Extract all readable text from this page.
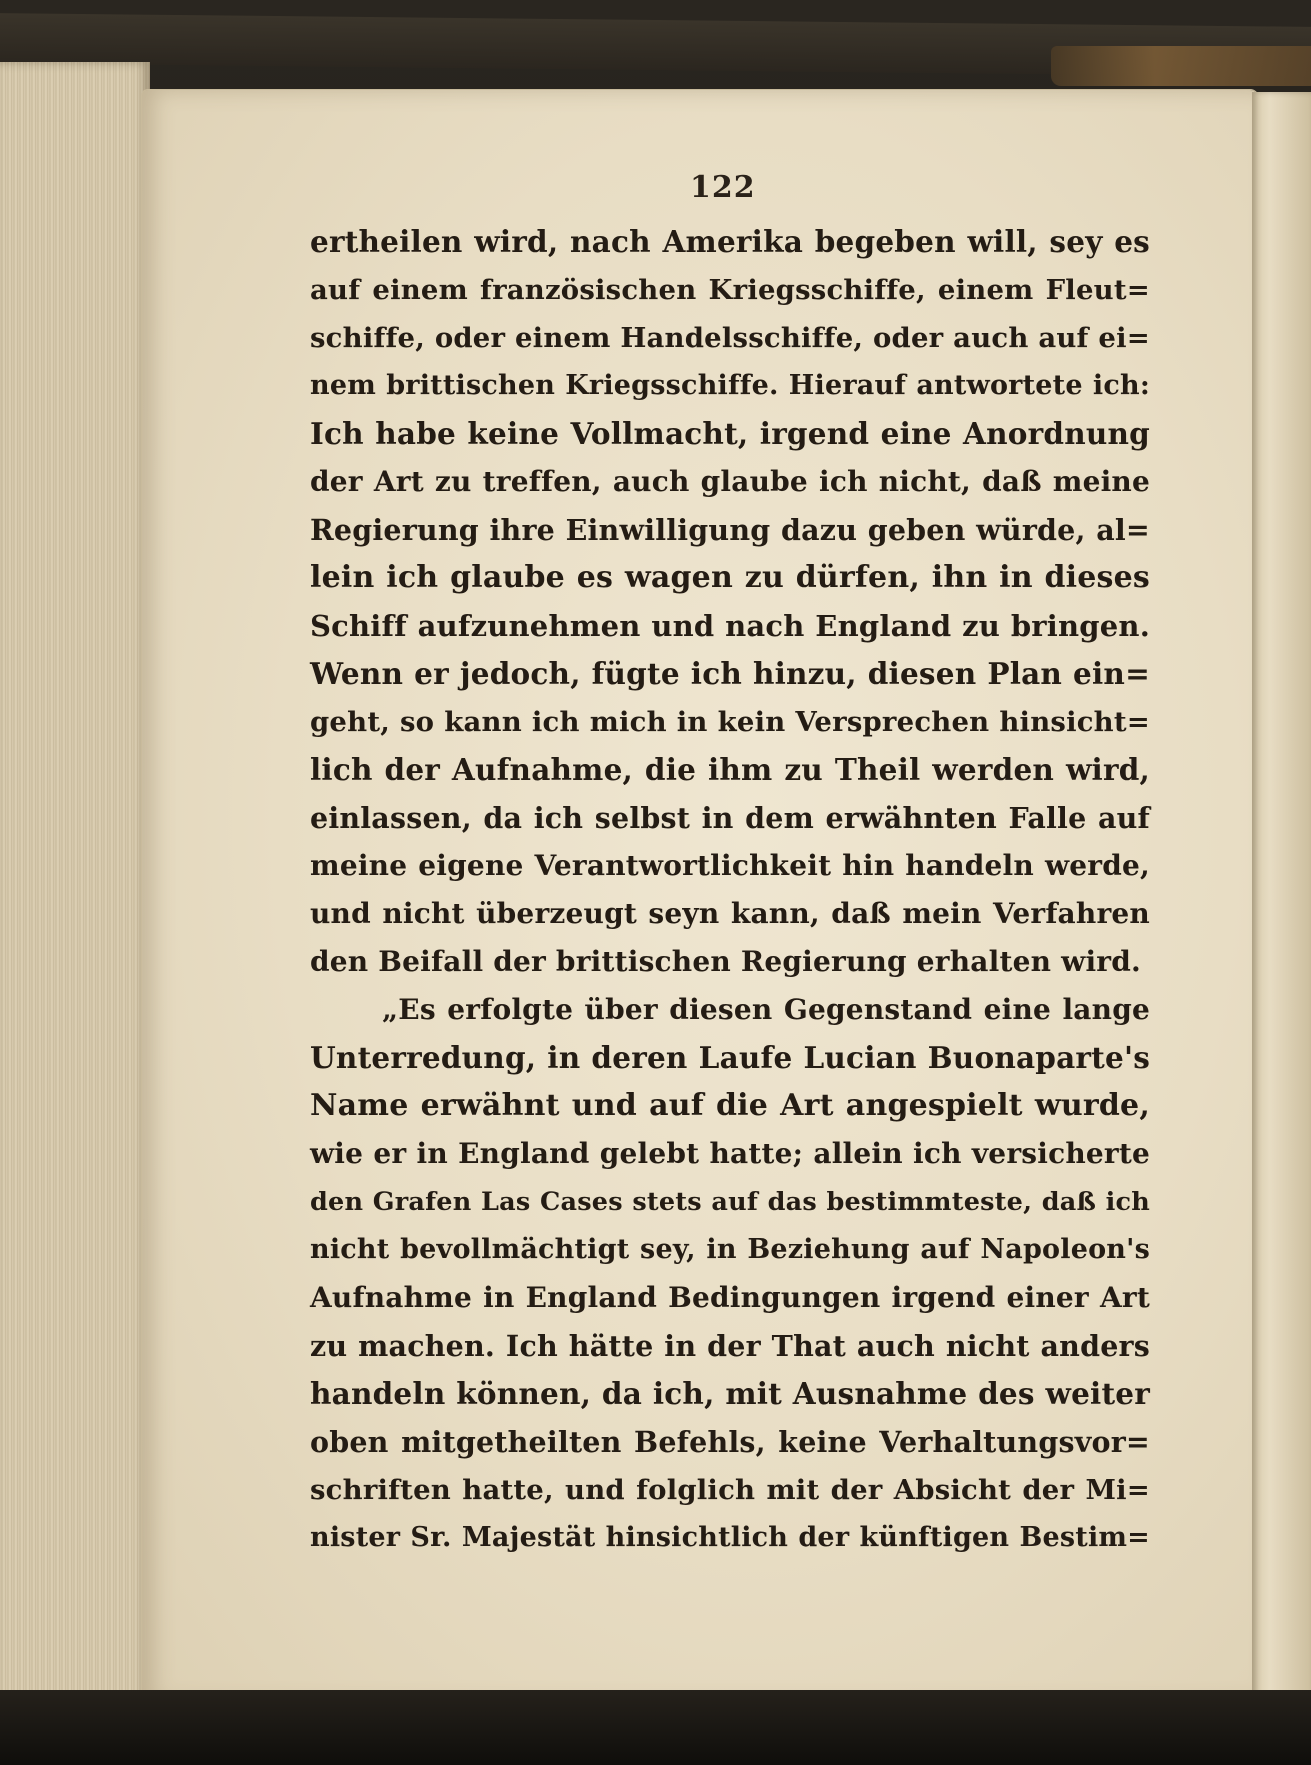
122
ertheilen wird, nach Amerika begeben will, sey es
auf einem französischen Kriegsschiffe, einem Fleut=
schiffe, oder einem Handelsschiffe, oder auch auf ei=
nem brittischen Kriegsschiffe. Hierauf antwortete ich:
Ich habe keine Vollmacht, irgend eine Anordnung
der Art zu treffen, auch glaube ich nicht, daß meine
Regierung ihre Einwilligung dazu geben würde, al=
lein ich glaube es wagen zu dürfen, ihn in dieses
Schiff aufzunehmen und nach England zu bringen.
Wenn er jedoch, fügte ich hinzu, diesen Plan ein=
geht, so kann ich mich in kein Versprechen hinsicht=
lich der Aufnahme, die ihm zu Theil werden wird,
einlassen, da ich selbst in dem erwähnten Falle auf
meine eigene Verantwortlichkeit hin handeln werde,
und nicht überzeugt seyn kann, daß mein Verfahren
den Beifall der brittischen Regierung erhalten wird.
„Es erfolgte über diesen Gegenstand eine lange
Unterredung, in deren Laufe Lucian Buonaparte's
Name erwähnt und auf die Art angespielt wurde,
wie er in England gelebt hatte; allein ich versicherte
den Grafen Las Cases stets auf das bestimmteste, daß ich
nicht bevollmächtigt sey, in Beziehung auf Napoleon's
Aufnahme in England Bedingungen irgend einer Art
zu machen. Ich hätte in der That auch nicht anders
handeln können, da ich, mit Ausnahme des weiter
oben mitgetheilten Befehls, keine Verhaltungsvor=
schriften hatte, und folglich mit der Absicht der Mi=
nister Sr. Majestät hinsichtlich der künftigen Bestim=
